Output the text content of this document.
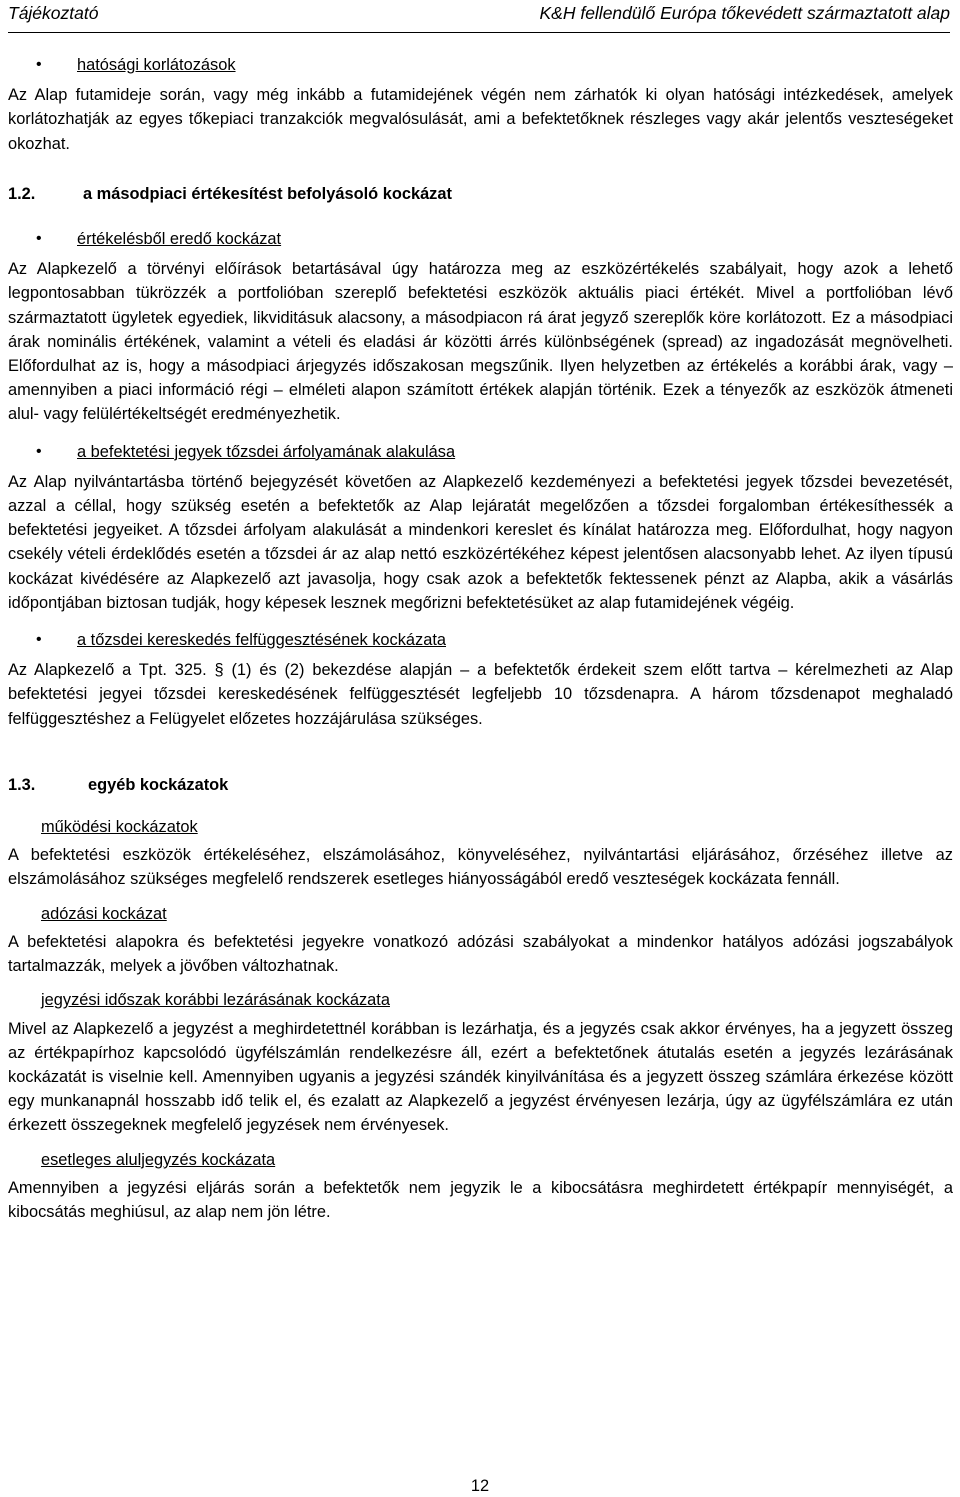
Tájékoztató	K&H fellendülő Európa tőkevédett származtatott alap
• hatósági korlátozások

Az Alap futamideje során, vagy még inkább a futamidejének végén nem zárhatók ki olyan hatósági intézkedések, amelyek korlátozhatják az egyes tőkepiaci tranzakciók megvalósulását, ami a befektetőknek részleges vagy akár jelentős veszteségeket okozhat.

1.2.	a másodpiaci értékesítést befolyásoló kockázat
• értékelésből eredő kockázat

Az Alapkezelő a törvényi előírások betartásával úgy határozza meg az eszközértékelés szabályait, hogy azok a lehető legpontosabban tükrözzék a portfolióban szereplő befektetési eszközök aktuális piaci értékét. Mivel a portfolióban lévő származtatott ügyletek egyediek, likviditásuk alacsony, a másodpiacon rá árat jegyző szereplők köre korlátozott. Ez a másodpiaci árak nominális értékének, valamint a vételi és eladási ár közötti árrés különbségének (spread) az ingadozását megnövelheti. Előfordulhat az is, hogy a másodpiaci árjegyzés időszakosan megszűnik. Ilyen helyzetben az értékelés a korábbi árak, vagy – amennyiben a piaci információ régi – elméleti alapon számított értékek alapján történik. Ezek a tényezők az eszközök átmeneti alul- vagy felülértékeltségét eredményezhetik.

• a befektetési jegyek tőzsdei árfolyamának alakulása

Az Alap nyilvántartásba történő bejegyzését követően az Alapkezelő kezdeményezi a befektetési jegyek tőzsdei bevezetését, azzal a céllal, hogy szükség esetén a befektetők az Alap lejáratát megelőzően a tőzsdei forgalomban értékesíthessék a befektetési jegyeiket. A tőzsdei árfolyam alakulását a mindenkori kereslet és kínálat határozza meg. Előfordulhat, hogy nagyon csekély vételi érdeklődés esetén a tőzsdei ár az alap nettó eszközértékéhez képest jelentősen alacsonyabb lehet. Az ilyen típusú kockázat kivédésére az Alapkezelő azt javasolja, hogy csak azok a befektetők fektessenek pénzt az Alapba, akik a vásárlás időpontjában biztosan tudják, hogy képesek lesznek megőrizni befektetésüket az alap futamidejének végéig.

• a tőzsdei kereskedés felfüggesztésének kockázata

Az Alapkezelő a Tpt. 325. § (1) és (2) bekezdése alapján – a befektetők érdekeit szem előtt tartva – kérelmezheti az Alap befektetési jegyei tőzsdei kereskedésének felfüggesztését legfeljebb 10 tőzsdenapra. A három tőzsdenapot meghaladó felfüggesztéshez a Felügyelet előzetes hozzájárulása szükséges.

1.3.	egyéb kockázatok
működési kockázatok

A befektetési eszközök értékeléséhez, elszámolásához, könyveléséhez, nyilvántartási eljárásához, őrzéséhez illetve az elszámolásához szükséges megfelelő rendszerek esetleges hiányosságából eredő veszteségek kockázata fennáll.

adózási kockázat

A befektetési alapokra és befektetési jegyekre vonatkozó adózási szabályokat a mindenkor hatályos adózási jogszabályok tartalmazzák, melyek a jövőben változhatnak.

jegyzési időszak korábbi lezárásának kockázata

Mivel az Alapkezelő a jegyzést a meghirdetettnél korábban is lezárhatja, és a jegyzés csak akkor érvényes, ha a jegyzett összeg az értékpapírhoz kapcsolódó ügyfélszámlán rendelkezésre áll, ezért a befektetőnek átutalás esetén a jegyzés lezárásának kockázatát is viselnie kell. Amennyiben ugyanis a jegyzési szándék kinyilvánítása és a jegyzett összeg számlára érkezése között egy munkanapnál hosszabb idő telik el, és ezalatt az Alapkezelő a jegyzést érvényesen lezárja, úgy az ügyfélszámlára ez után érkezett összegeknek megfelelő jegyzések nem érvényesek.

esetleges aluljegyzés kockázata

Amennyiben a jegyzési eljárás során a befektetők nem jegyzik le a kibocsátásra meghirdetett értékpapír mennyiségét, a kibocsátás meghiúsul, az alap nem jön létre.

12
